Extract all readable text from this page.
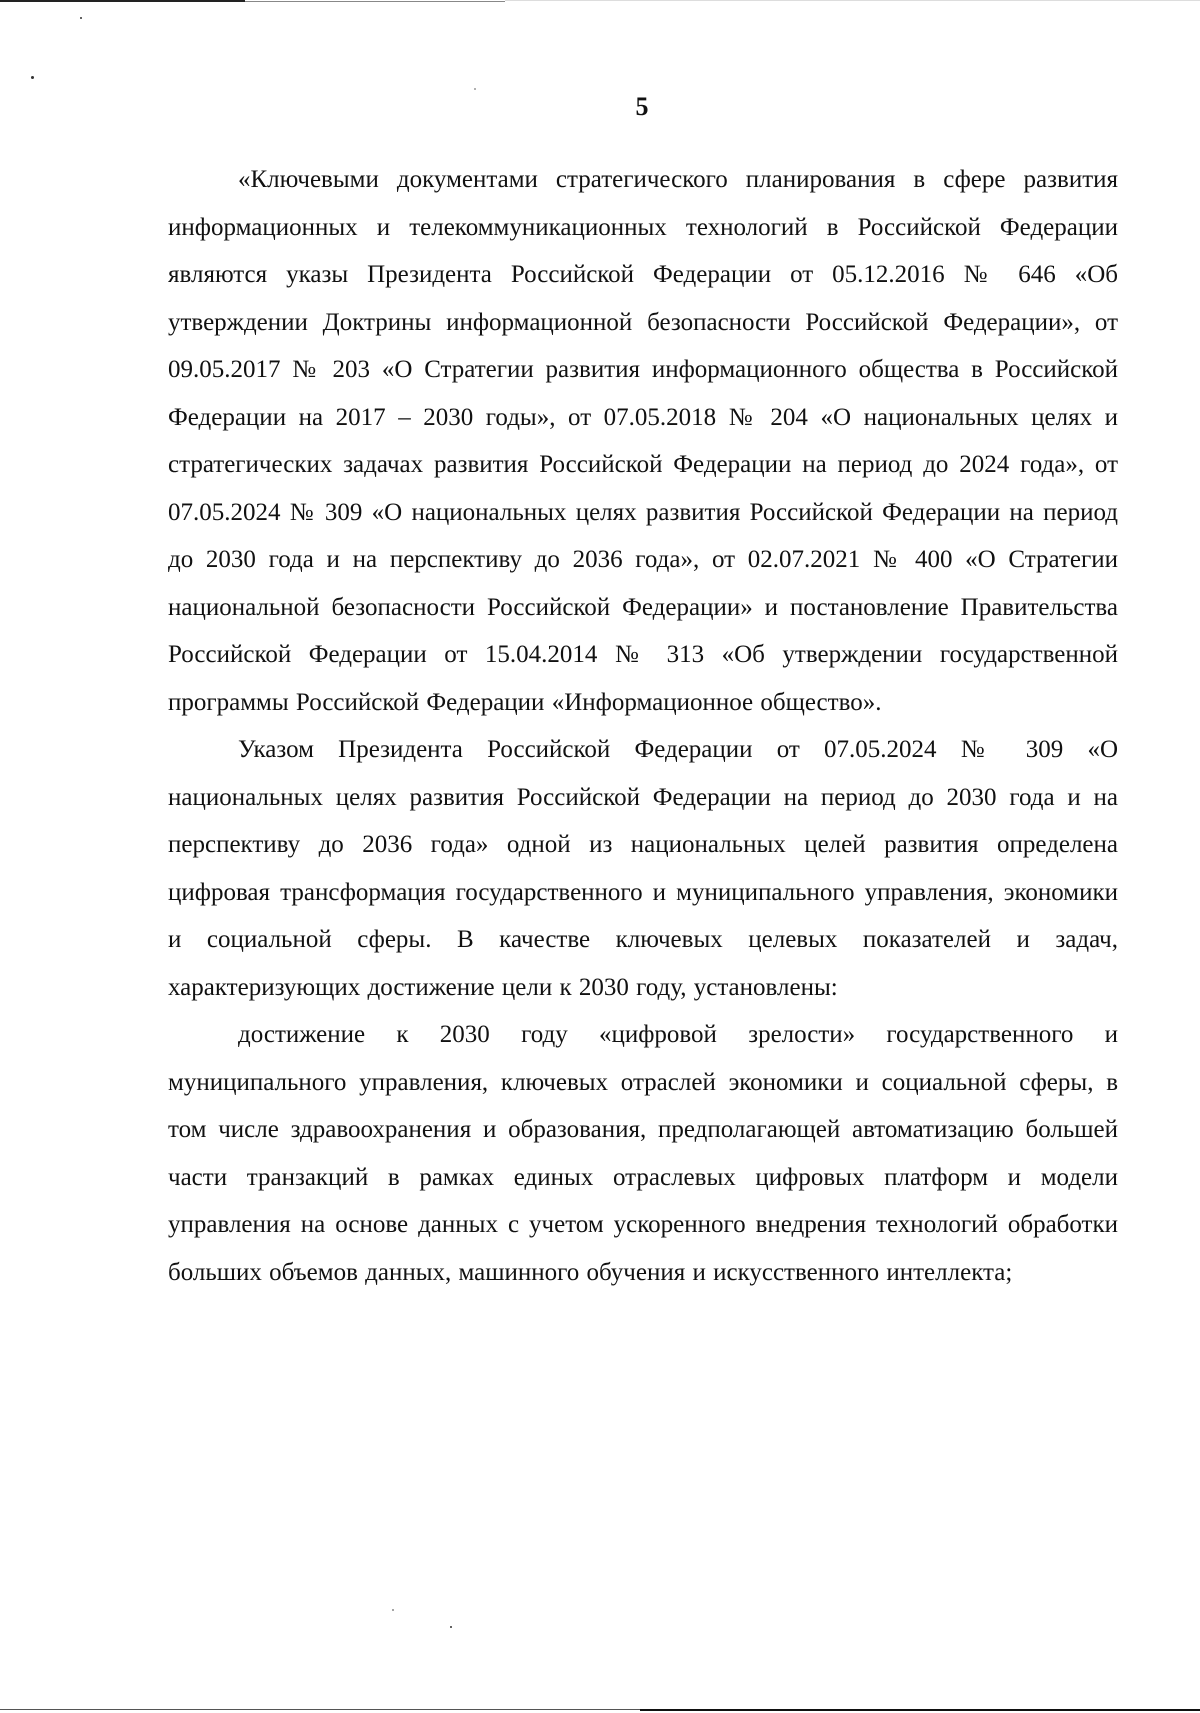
5

«Ключевыми документами стратегического планирования в сфере развития информационных и телекоммуникационных технологий в Российской Федерации являются указы Президента Российской Федерации от 05.12.2016 № 646 «Об утверждении Доктрины информационной безопасности Российской Федерации», от 09.05.2017 № 203 «О Стратегии развития информационного общества в Российской Федерации на 2017 – 2030 годы», от 07.05.2018 № 204 «О национальных целях и стратегических задачах развития Российской Федерации на период до 2024 года», от 07.05.2024 № 309 «О национальных целях развития Российской Федерации на период до 2030 года и на перспективу до 2036 года», от 02.07.2021 № 400 «О Стратегии национальной безопасности Российской Федерации» и постановление Правительства Российской Федерации от 15.04.2014 № 313 «Об утверждении государственной программы Российской Федерации «Информационное общество».

Указом Президента Российской Федерации от 07.05.2024 № 309 «О национальных целях развития Российской Федерации на период до 2030 года и на перспективу до 2036 года» одной из национальных целей развития определена цифровая трансформация государственного и муниципального управления, экономики и социальной сферы. В качестве ключевых целевых показателей и задач, характеризующих достижение цели к 2030 году, установлены:

достижение к 2030 году «цифровой зрелости» государственного и муниципального управления, ключевых отраслей экономики и социальной сферы, в том числе здравоохранения и образования, предполагающей автоматизацию большей части транзакций в рамках единых отраслевых цифровых платформ и модели управления на основе данных с учетом ускоренного внедрения технологий обработки больших объемов данных, машинного обучения и искусственного интеллекта;
